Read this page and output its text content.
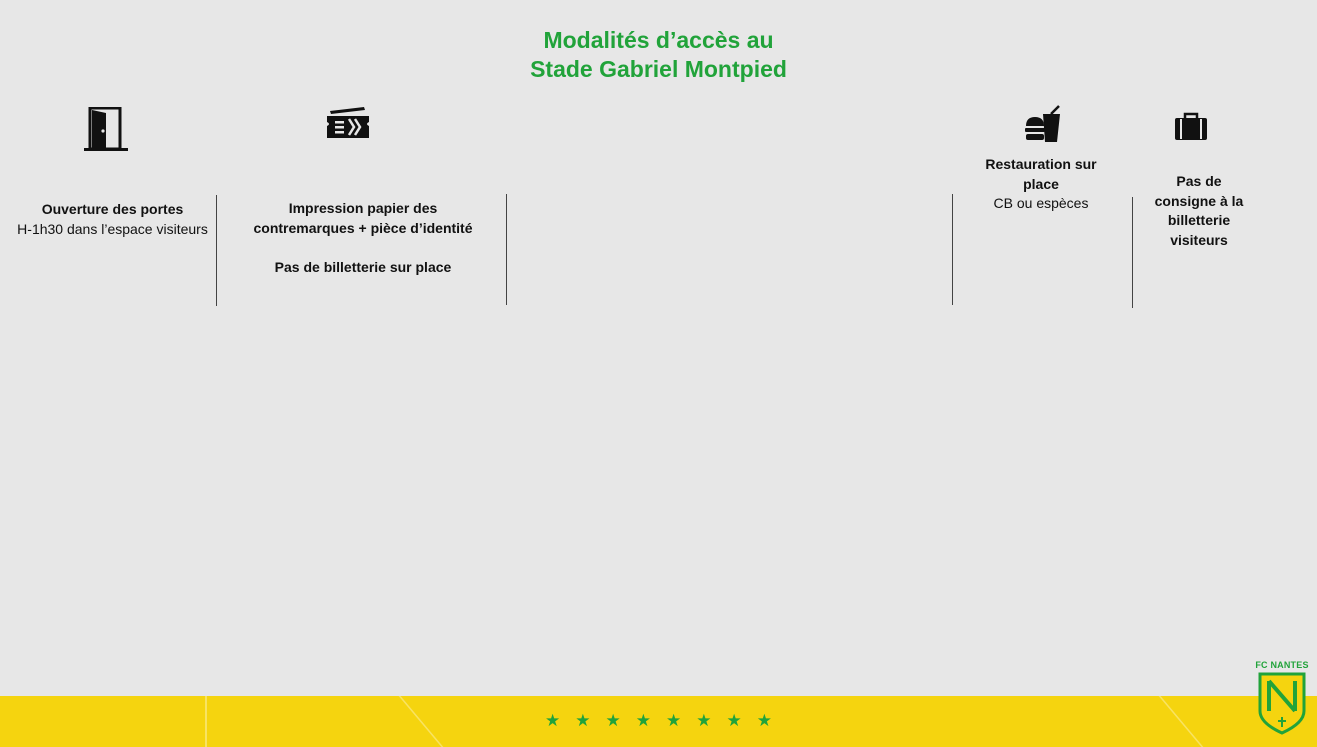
Modalités d’accès au
Stade Gabriel Montpied
Ouverture des portes
H-1h30 dans l’espace visiteurs
Impression papier des
contremarques + pièce d’identité
Pas de billetterie sur place
Restauration sur
place
CB ou espèces
Pas de
consigne à la
billetterie
visiteurs
★ ★ ★ ★ ★ ★ ★ ★
FC NANTES
